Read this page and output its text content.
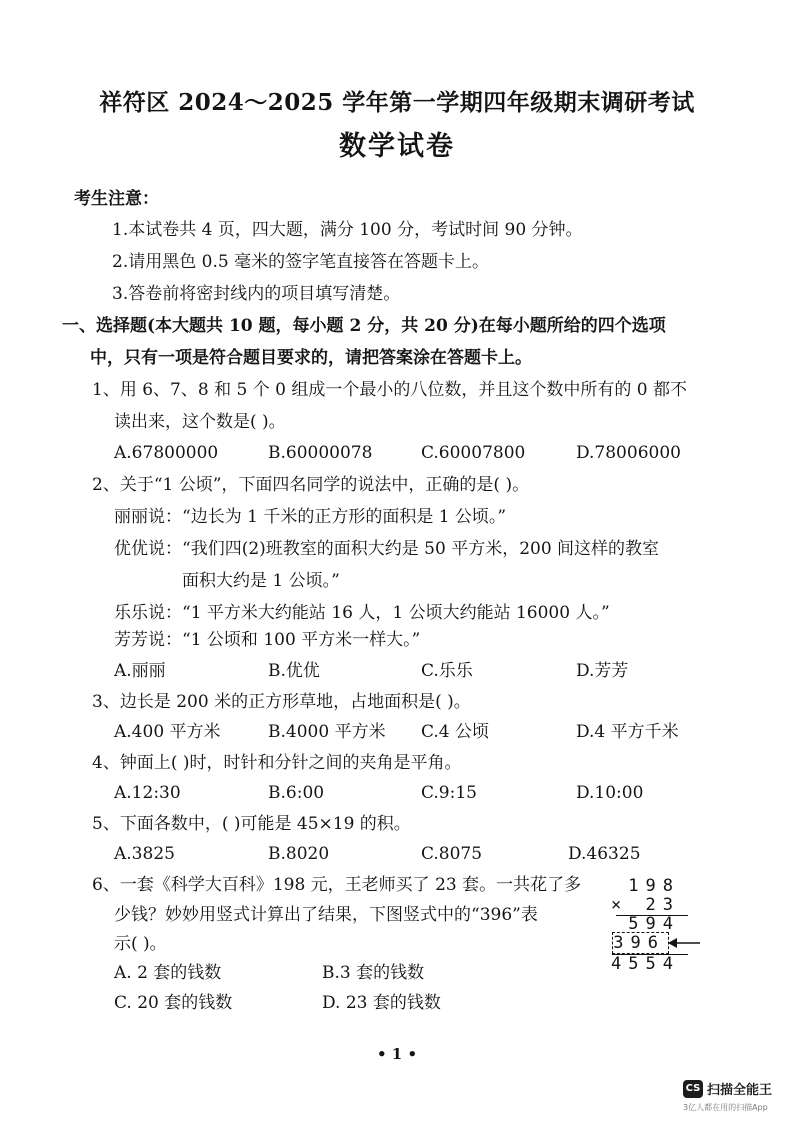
祥符区 2024～2025 学年第一学期四年级期末调研考试
数学试卷
考生注意：
1.本试卷共 4 页，四大题，满分 100 分，考试时间 90 分钟。
2.请用黑色 0.5 毫米的签字笔直接答在答题卡上。
3.答卷前将密封线内的项目填写清楚。
一、选择题(本大题共 10 题，每小题 2 分，共 20 分)在每小题所给的四个选项
中，只有一项是符合题目要求的，请把答案涂在答题卡上。
1、用 6、7、8 和 5 个 0 组成一个最小的八位数，并且这个数中所有的 0 都不
读出来，这个数是( )。
A.67800000	B.60000078	C.60007800	D.78006000
2、关于“1 公顷”，下面四名同学的说法中，正确的是( )。
丽丽说：“边长为 1 千米的正方形的面积是 1 公顷。”
优优说：“我们四(2)班教室的面积大约是 50 平方米，200 间这样的教室
面积大约是 1 公顷。”
乐乐说：“1 平方米大约能站 16 人，1 公顷大约能站 16000 人。”
芳芳说：“1 公顷和 100 平方米一样大。”
A.丽丽	B.优优	C.乐乐	D.芳芳
3、边长是 200 米的正方形草地，占地面积是( )。
A.400 平方米	B.4000 平方米 C.4 公顷	D.4 平方千米
4、钟面上( )时，时针和分针之间的夹角是平角。
A.12:30	B.6:00	C.9:15	D.10:00
5、下面各数中，( )可能是 45×19 的积。
A.3825	B.8020	C.8075	D.46325
6、一套《科学大百科》198 元，王老师买了 23 套。一共花了多
少钱？妙妙用竖式计算出了结果，下图竖式中的“396”表
示( )。
A. 2 套的钱数	B.3 套的钱数
C. 20 套的钱数	D. 23 套的钱数
198
× 23
594
396
4554
• 1 •
CS 扫描全能王
3亿人都在用的扫描App
